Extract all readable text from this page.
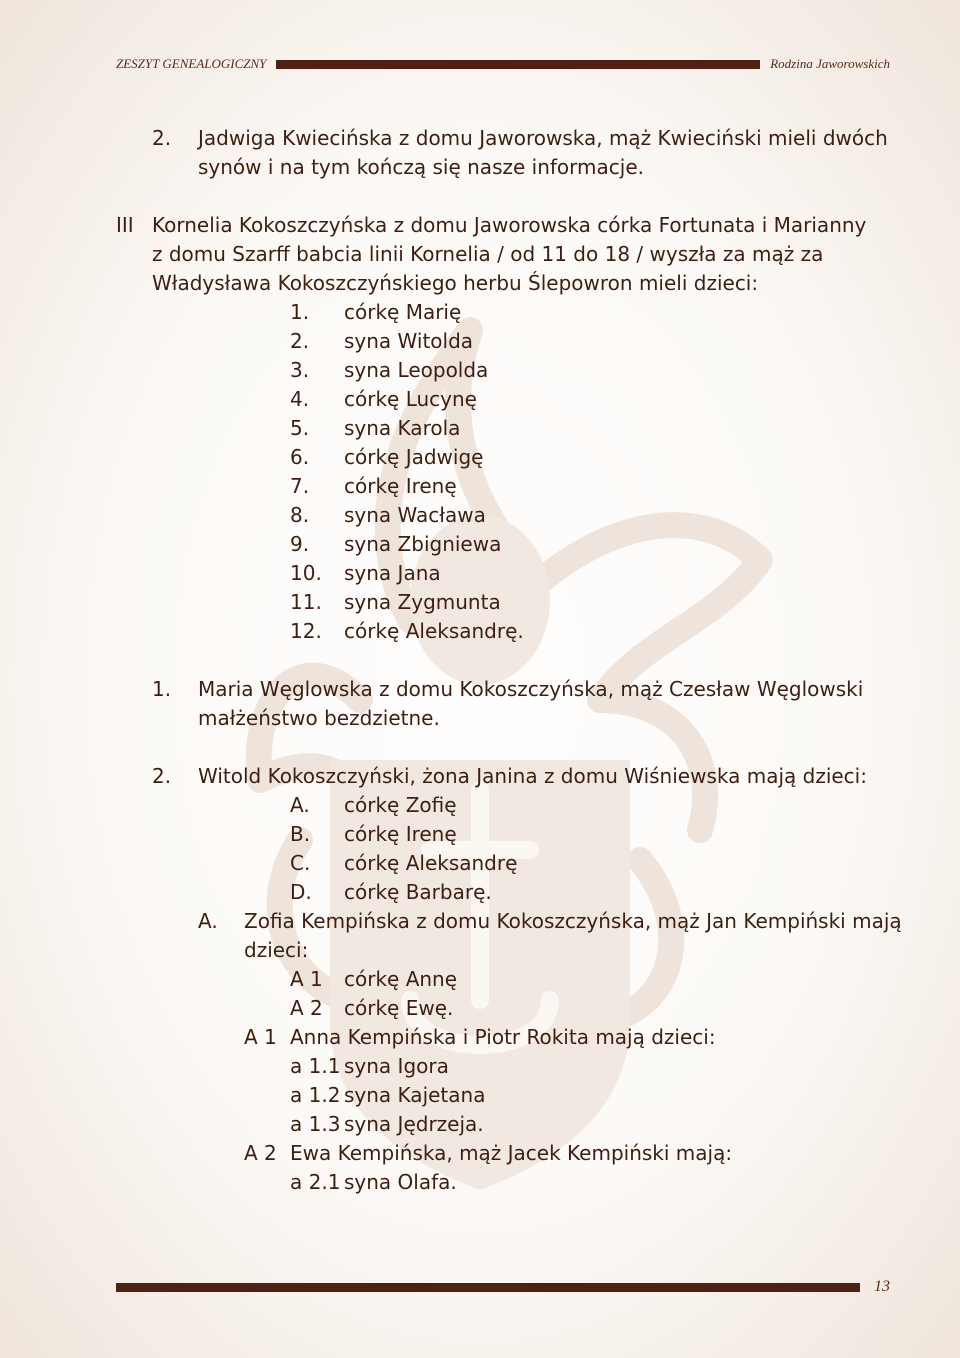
ZESZYT GENEALOGICZNY	Rodzina Jaworowskich
2. Jadwiga Kwiecińska z domu Jaworowska, mąż Kwieciński mieli dwóch
synów i na tym kończą się nasze informacje.
III Kornelia Kokoszczyńska z domu Jaworowska córka Fortunata i Marianny
z domu Szarff babcia linii Kornelia / od 11 do 18 / wyszła za mąż za
Władysława Kokoszczyńskiego herbu Ślepowron mieli dzieci:
1. córkę Marię
2. syna Witolda
3. syna Leopolda
4. córkę Lucynę
5. syna Karola
6. córkę Jadwigę
7. córkę Irenę
8. syna Wacława
9. syna Zbigniewa
10. syna Jana
11. syna Zygmunta
12. córkę Aleksandrę.
1. Maria Węglowska z domu Kokoszczyńska, mąż Czesław Węglowski
małżeństwo bezdzietne.
2. Witold Kokoszczyński, żona Janina z domu Wiśniewska mają dzieci:
A. córkę Zofię
B. córkę Irenę
C. córkę Aleksandrę
D. córkę Barbarę.
A. Zofia Kempińska z domu Kokoszczyńska, mąż Jan Kempiński mają
dzieci:
A 1 córkę Annę
A 2 córkę Ewę.
A 1 Anna Kempińska i Piotr Rokita mają dzieci:
a 1.1 syna Igora
a 1.2 syna Kajetana
a 1.3 syna Jędrzeja.
A 2 Ewa Kempińska, mąż Jacek Kempiński mają:
a 2.1 syna Olafa.
13
